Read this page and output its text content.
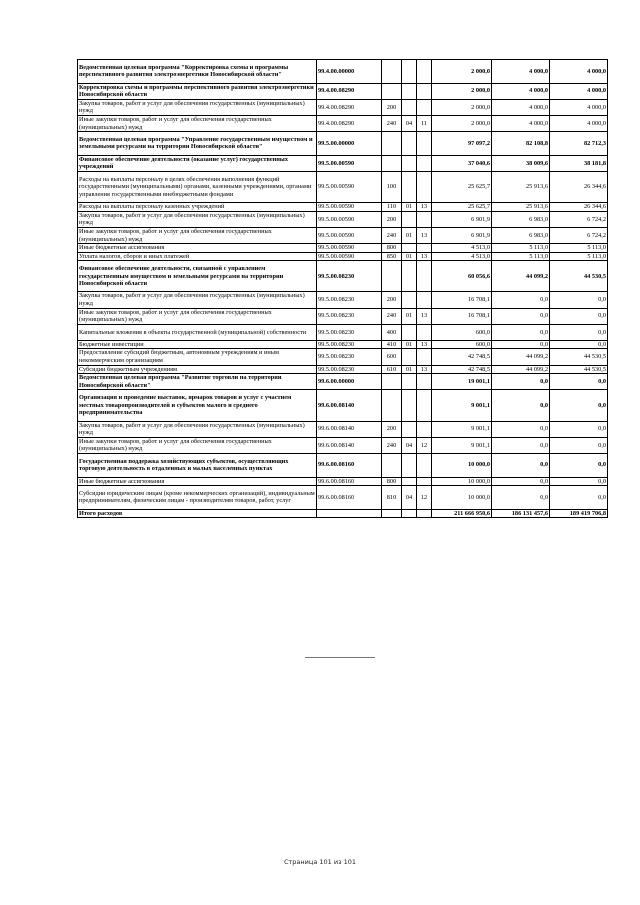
Ведомственная целевая программа "Корректировка схемы и программы перспективного развития электроэнергетики Новосибирской области"	99.4.00.00000				2 000,0	4 000,0	4 000,0
Корректировка схемы и программы перспективного развития электроэнергетики Новосибирской области	99.4.00.08290				2 000,0	4 000,0	4 000,0
Закупка товаров, работ и услуг для обеспечения государственных (муниципальных) нужд	99.4.00.08290	200			2 000,0	4 000,0	4 000,0
Иные закупки товаров, работ и услуг для обеспечения государственных (муниципальных) нужд	99.4.00.08290	240	04	11	2 000,0	4 000,0	4 000,0
Ведомственная целевая программа "Управление государственным имуществом и земельными ресурсами на территории Новосибирской области"	99.5.00.00000				97 097,2	82 108,8	82 712,3
Финансовое обеспечение деятельности (оказание услуг) государственных учреждений	99.5.00.00590				37 040,6	38 009,6	38 181,8
Расходы на выплаты персоналу в целях обеспечения выполнения функций государственными (муниципальными) органами, казенными учреждениями, органами управления государственными внебюджетными фондами	99.5.00.00590	100			25 625,7	25 913,6	26 344,6
Расходы на выплаты персоналу казенных учреждений	99.5.00.00590	110	01	13	25 625,7	25 913,6	26 344,6
Закупка товаров, работ и услуг для обеспечения государственных (муниципальных) нужд	99.5.00.00590	200			6 901,9	6 983,0	6 724,2
Иные закупки товаров, работ и услуг для обеспечения государственных (муниципальных) нужд	99.5.00.00590	240	01	13	6 901,9	6 983,0	6 724,2
Иные бюджетные ассигнования	99.5.00.00590	800			4 513,0	5 113,0	5 113,0
Уплата налогов, сборов и иных платежей	99.5.00.00590	850	01	13	4 513,0	5 113,0	5 113,0
Финансовое обеспечение деятельности, связанной с управлением государственным имуществом и земельными ресурсами на территории Новосибирской области	99.5.00.08230				60 056,6	44 099,2	44 530,5
Закупка товаров, работ и услуг для обеспечения государственных (муниципальных) нужд	99.5.00.08230	200			16 708,1	0,0	0,0
Иные закупки товаров, работ и услуг для обеспечения государственных (муниципальных) нужд	99.5.00.08230	240	01	13	16 708,1	0,0	0,0
Капитальные вложения в объекты государственной (муниципальной) собственности	99.5.00.08230	400			600,0	0,0	0,0
Бюджетные инвестиции	99.5.00.08230	410	01	13	600,0	0,0	0,0
Предоставление субсидий бюджетным, автономным учреждениям и иным некоммерческим организациям	99.5.00.08230	600			42 748,5	44 099,2	44 530,5
Субсидии бюджетным учреждениям	99.5.00.08230	610	01	13	42 748,5	44 099,2	44 530,5
Ведомственная целевая программа "Развитие торговли на территории Новосибирской области"	99.6.00.00000				19 001,1	0,0	0,0
Организация и проведение выставок, ярмарок товаров и услуг с участием местных товаропроизводителей и субъектов малого и среднего предпринимательства	99.6.00.08140				9 001,1	0,0	0,0
Закупка товаров, работ и услуг для обеспечения государственных (муниципальных) нужд	99.6.00.08140	200			9 001,1	0,0	0,0
Иные закупки товаров, работ и услуг для обеспечения государственных (муниципальных) нужд	99.6.00.08140	240	04	12	9 001,1	0,0	0,0
Государственная поддержка хозяйствующих субъектов, осуществляющих торговую деятельность в отдаленных и малых населенных пунктах	99.6.00.08160				10 000,0	0,0	0,0
Иные бюджетные ассигнования	99.6.00.08160	800			10 000,0	0,0	0,0
Субсидии юридическим лицам (кроме некоммерческих организаций), индивидуальным предпринимателям, физическим лицам - производителям товаров, работ, услуг	99.6.00.08160	810	04	12	10 000,0	0,0	0,0
Итого расходов					211 666 950,6	186 131 457,6	189 419 706,8
Страница 101 из 101
